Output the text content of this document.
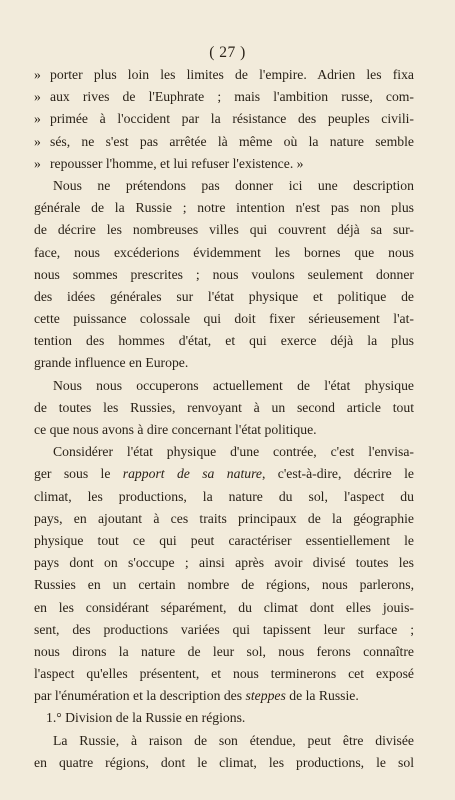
( 27 )
» porter plus loin les limites de l'empire. Adrien les fixa
» aux rives de l'Euphrate ; mais l'ambition russe, com-
» primée à l'occident par la résistance des peuples civili-
» sés, ne s'est pas arrêtée là même où la nature semble
» repousser l'homme, et lui refuser l'existence. »
Nous ne prétendons pas donner ici une description
générale de la Russie ; notre intention n'est pas non plus
de décrire les nombreuses villes qui couvrent déjà sa sur-
face, nous excéderions évidemment les bornes que nous
nous sommes prescrites ; nous voulons seulement donner
des idées générales sur l'état physique et politique de
cette puissance colossale qui doit fixer sérieusement l'at-
tention des hommes d'état, et qui exerce déjà la plus
grande influence en Europe.
Nous nous occuperons actuellement de l'état physique
de toutes les Russies, renvoyant à un second article tout
ce que nous avons à dire concernant l'état politique.
Considérer l'état physique d'une contrée, c'est l'envisa-
ger sous le rapport de sa nature, c'est-à-dire, décrire le
climat, les productions, la nature du sol, l'aspect du
pays, en ajoutant à ces traits principaux de la géographie
physique tout ce qui peut caractériser essentiellement le
pays dont on s'occupe ; ainsi après avoir divisé toutes les
Russies en un certain nombre de régions, nous parlerons,
en les considérant séparément, du climat dont elles jouis-
sent, des productions variées qui tapissent leur surface ;
nous dirons la nature de leur sol, nous ferons connaître
l'aspect qu'elles présentent, et nous terminerons cet exposé
par l'énumération et la description des steppes de la Russie.
1.° Division de la Russie en régions.
La Russie, à raison de son étendue, peut être divisée
en quatre régions, dont le climat, les productions, le sol
